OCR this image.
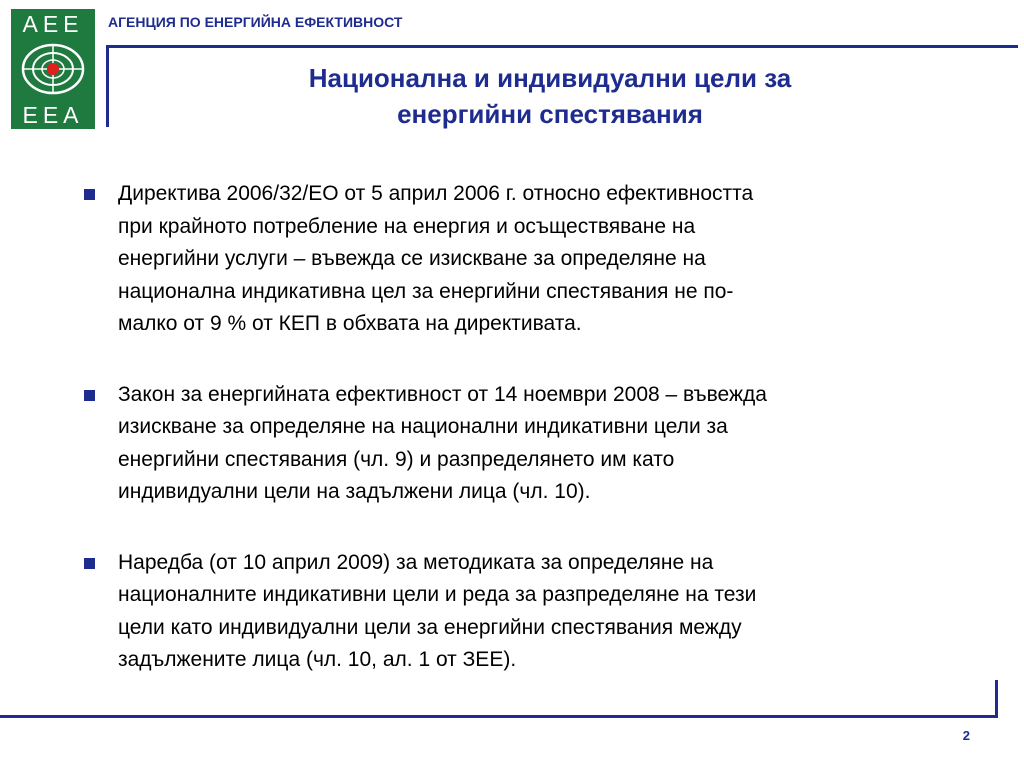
АЕЕ
EEA
АГЕНЦИЯ ПО ЕНЕРГИЙНА ЕФЕКТИВНОСТ
Национална и индивидуални цели за
енергийни спестявания
Директива 2006/32/ЕО от 5 април 2006 г. относно ефективността
при крайното потребление на енергия и осъществяване на
енергийни услуги – въвежда се изискване за определяне на
национална индикативна цел за енергийни спестявания не по-
малко от 9 % от КЕП в обхвата на директивата.
Закон за енергийната ефективност от 14 ноември 2008 – въвежда
изискване за определяне на национални индикативни цели за
енергийни спестявания (чл. 9) и разпределянето им като
индивидуални цели на задължени лица (чл. 10).
Наредба (от 10 април 2009) за методиката за определяне на
националните индикативни цели и реда за разпределяне на тези
цели като индивидуални цели за енергийни спестявания между
задължените лица (чл. 10, ал. 1 от ЗЕЕ).
2
